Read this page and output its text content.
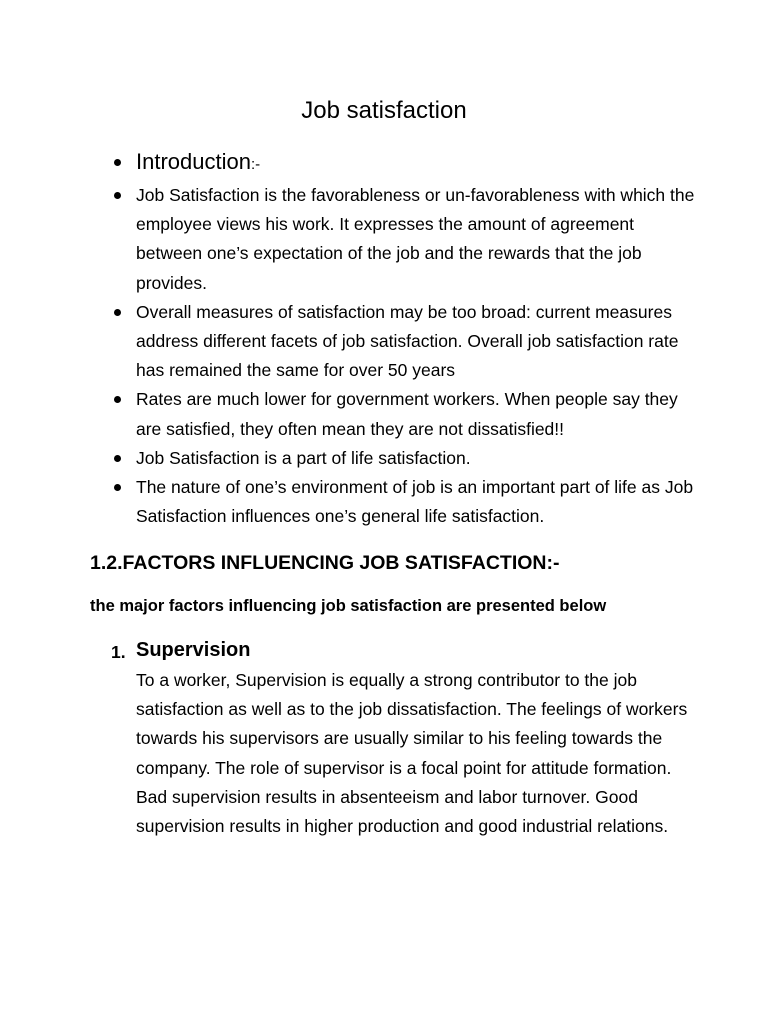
Job satisfaction
Introduction:-
Job Satisfaction is the favorableness or un-favorableness with which the employee views his work. It expresses the amount of agreement between one’s expectation of the job and the rewards that the job provides.
Overall measures of satisfaction may be too broad: current measures address different facets of job satisfaction. Overall job satisfaction rate has remained the same for over 50 years
Rates are much lower for government workers. When people say they are satisfied, they often mean they are not dissatisfied!!
Job Satisfaction is a part of life satisfaction.
The nature of one’s environment of job is an important part of life as Job Satisfaction influences one’s general life satisfaction.
1.2.FACTORS INFLUENCING JOB SATISFACTION:-

the major factors influencing job satisfaction are presented below

1. Supervision

To a worker, Supervision is equally a strong contributor to the job satisfaction as well as to the job dissatisfaction. The feelings of workers towards his supervisors are usually similar to his feeling towards the company. The role of supervisor is a focal point for attitude formation. Bad supervision results in absenteeism and labor turnover. Good supervision results in higher production and good industrial relations.
